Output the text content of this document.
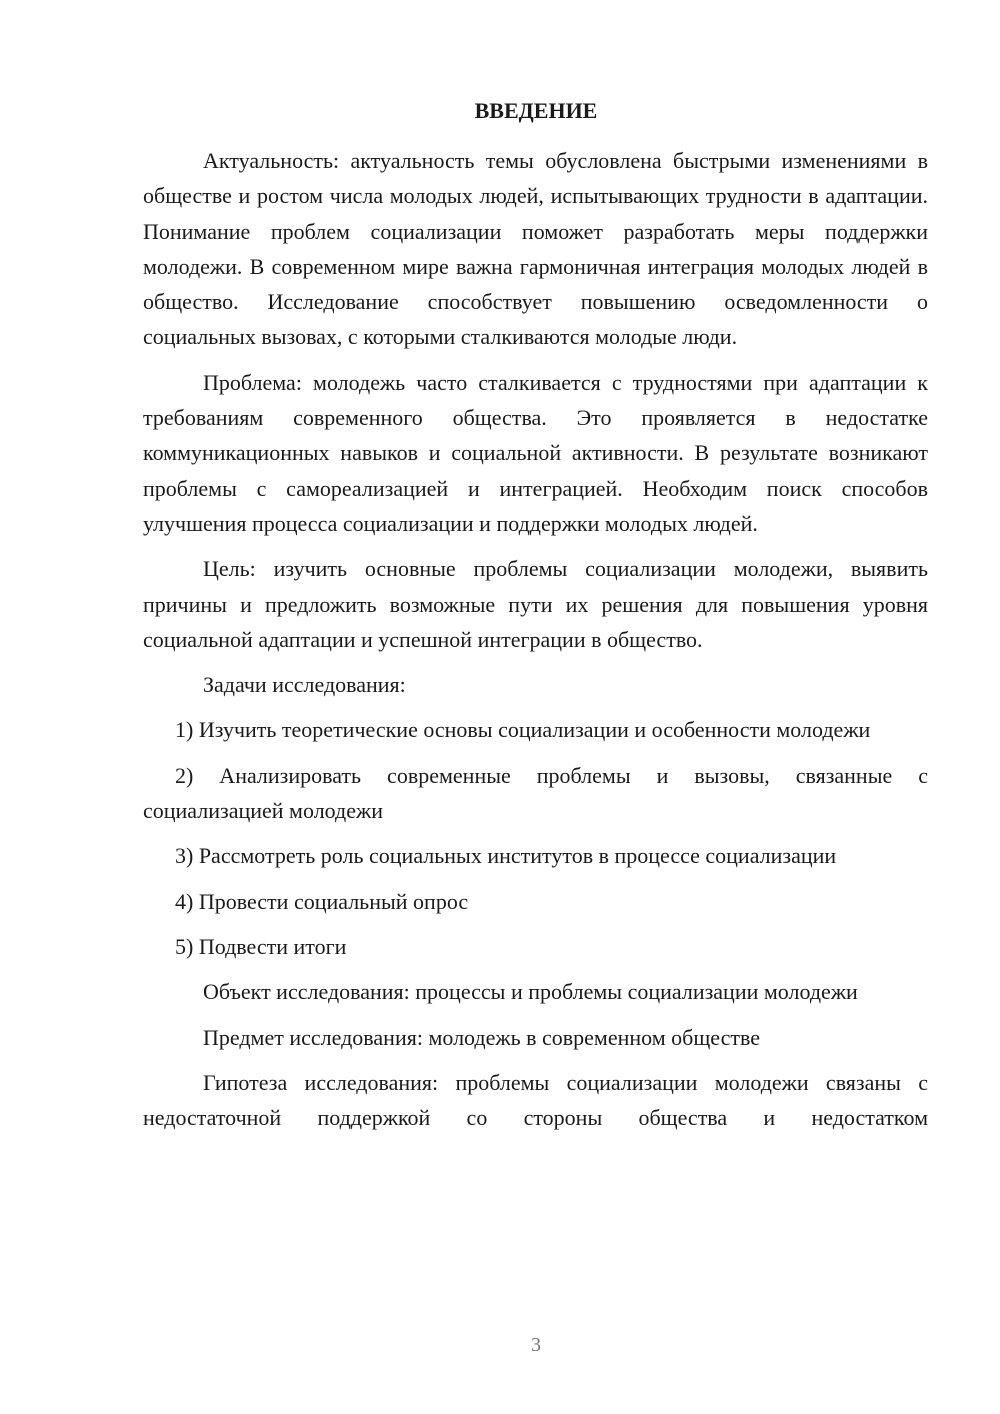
ВВЕДЕНИЕ

Актуальность: актуальность темы обусловлена быстрыми изменениями в обществе и ростом числа молодых людей, испытывающих трудности в адаптации. Понимание проблем социализации поможет разработать меры поддержки молодежи. В современном мире важна гармоничная интеграция молодых людей в общество. Исследование способствует повышению осведомленности о социальных вызовах, с которыми сталкиваются молодые люди.

Проблема: молодежь часто сталкивается с трудностями при адаптации к требованиям современного общества. Это проявляется в недостатке коммуникационных навыков и социальной активности. В результате возникают проблемы с самореализацией и интеграцией. Необходим поиск способов улучшения процесса социализации и поддержки молодых людей.

Цель: изучить основные проблемы социализации молодежи, выявить причины и предложить возможные пути их решения для повышения уровня социальной адаптации и успешной интеграции в общество.

Задачи исследования:

1) Изучить теоретические основы социализации и особенности молодежи

2) Анализировать современные проблемы и вызовы, связанные с социализацией молодежи

3) Рассмотреть роль социальных институтов в процессе социализации

4) Провести социальный опрос

5) Подвести итоги

Объект исследования: процессы и проблемы социализации молодежи

Предмет исследования: молодежь в современном обществе

Гипотеза исследования: проблемы социализации молодежи связаны с недостаточной поддержкой со стороны общества и недостатком

3
